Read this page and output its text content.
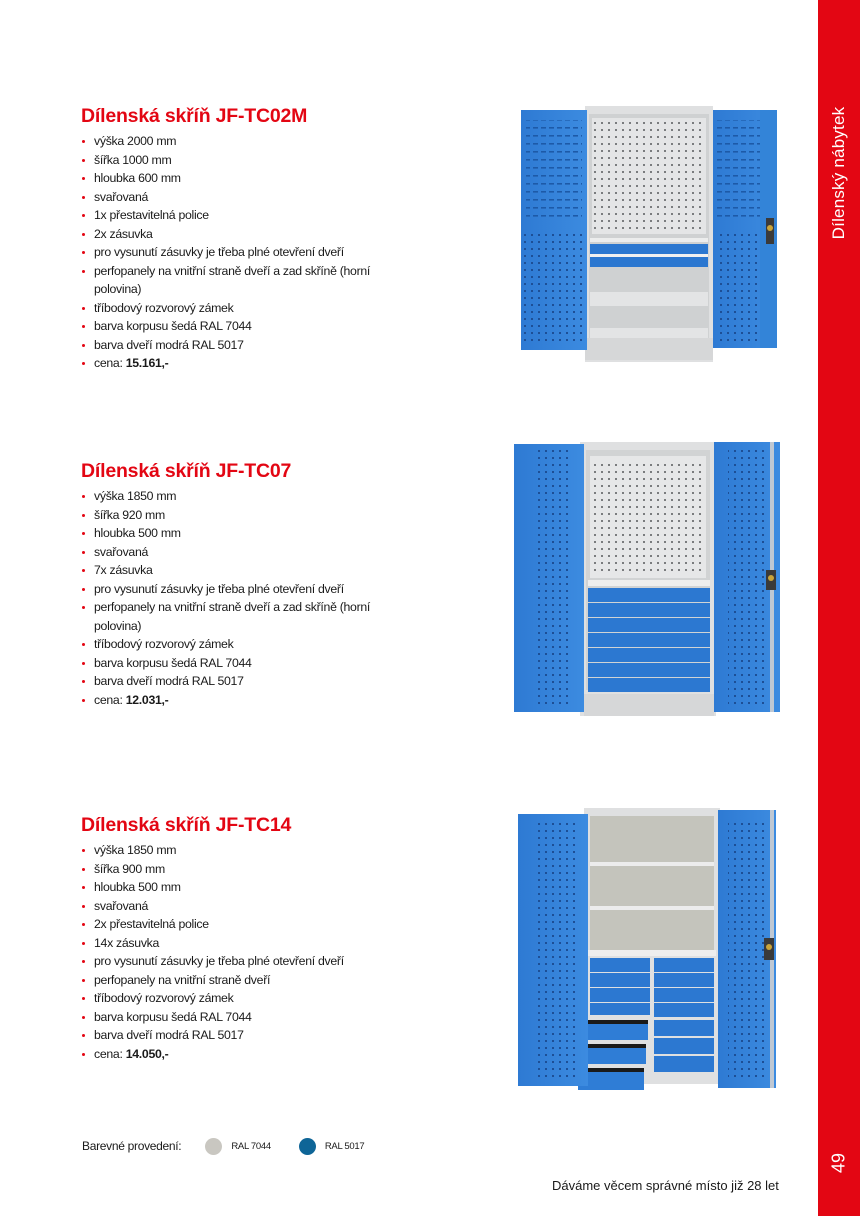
Dílenský nábytek
49
Dílenská skříň JF-TC02M
výška 2000 mm
šířka 1000 mm
hloubka 600 mm
svařovaná
1x přestavitelná police
2x zásuvka
pro vysunutí zásuvky je třeba plné otevření dveří
perfopanely na vnitřní straně dveří a zad skříně (horní polovina)
tříbodový rozvorový zámek
barva korpusu šedá RAL 7044
barva dveří modrá RAL 5017
cena: 15.161,-
Dílenská skříň JF-TC07
výška 1850 mm
šířka 920 mm
hloubka 500 mm
svařovaná
7x zásuvka
pro vysunutí zásuvky je třeba plné otevření dveří
perfopanely na vnitřní straně dveří a zad skříně (horní polovina)
tříbodový rozvorový zámek
barva korpusu šedá RAL 7044
barva dveří modrá RAL 5017
cena: 12.031,-
Dílenská skříň JF-TC14
výška 1850 mm
šířka 900 mm
hloubka 500 mm
svařovaná
2x přestavitelná police
14x zásuvka
pro vysunutí zásuvky je třeba plné otevření dveří
perfopanely na vnitřní straně dveří
tříbodový rozvorový zámek
barva korpusu šedá RAL 7044
barva dveří modrá RAL 5017
cena: 14.050,-
Barevné provedení:	RAL 7044	RAL 5017
Dáváme věcem správné místo již 28 let
